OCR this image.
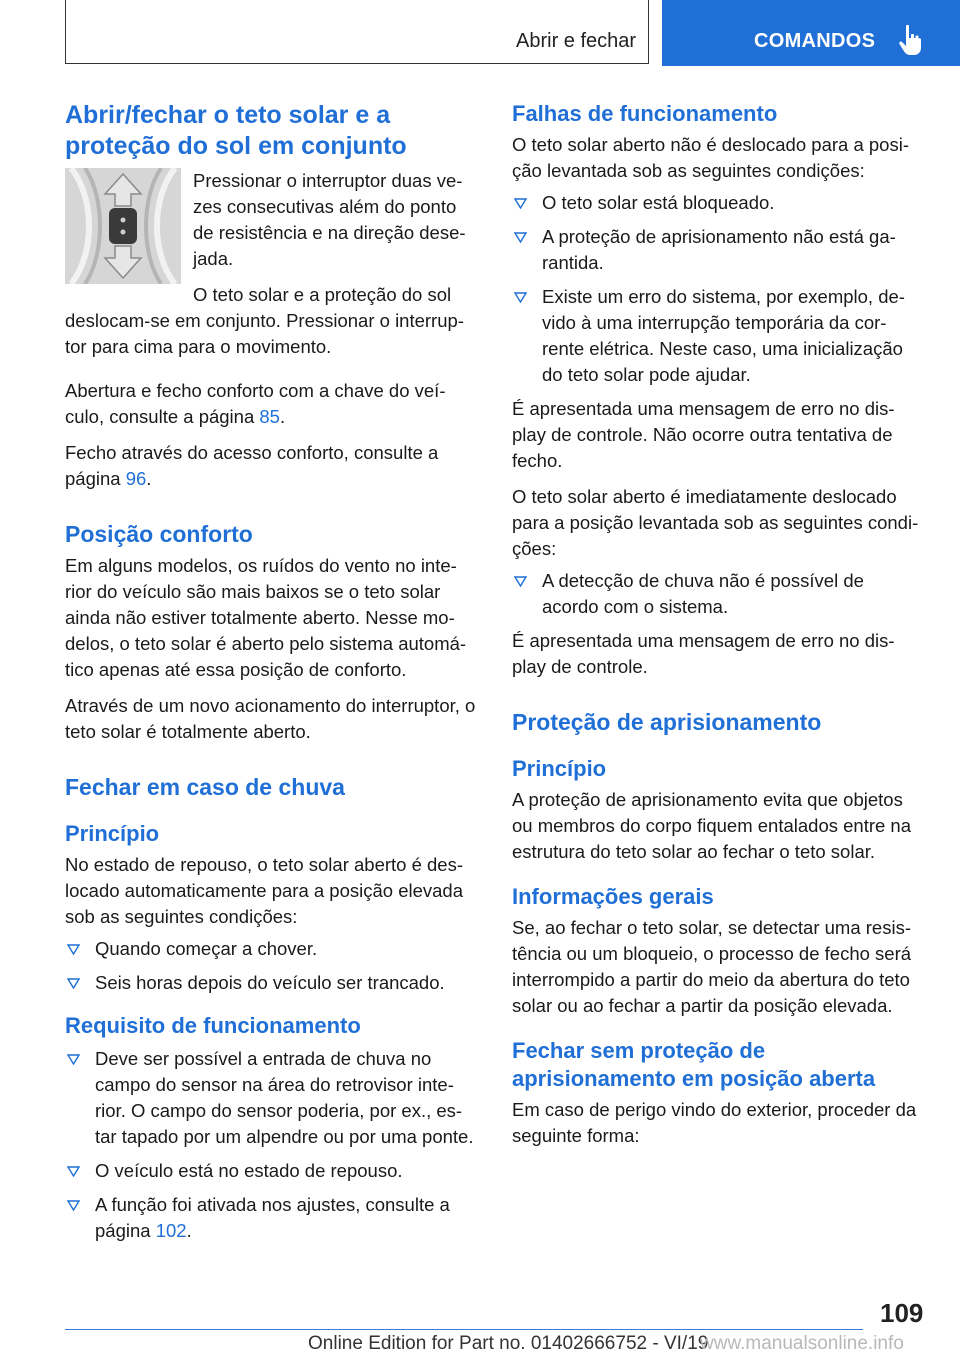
Abrir e fechar	COMANDOS
Abrir/fechar o teto solar e a proteção do sol em conjunto

Pressionar o interruptor duas ve-zes consecutivas além do ponto de resistência e na direção dese-jada.

O teto solar e a proteção do sol deslocam-se em conjunto. Pressionar o interrup-tor para cima para o movimento.

Abertura e fecho conforto com a chave do veí-culo, consulte a página 85.

Fecho através do acesso conforto, consulte a página 96.

Posição conforto

Em alguns modelos, os ruídos do vento no inte-rior do veículo são mais baixos se o teto solar ainda não estiver totalmente aberto. Nesse mo-delos, o teto solar é aberto pelo sistema automá-tico apenas até essa posição de conforto.

Através de um novo acionamento do interruptor, o teto solar é totalmente aberto.

Fechar em caso de chuva
Princípio

No estado de repouso, o teto solar aberto é des-locado automaticamente para a posição elevada sob as seguintes condições:

Quando começar a chover.
Seis horas depois do veículo ser trancado.
Requisito de funcionamento
Deve ser possível a entrada de chuva no campo do sensor na área do retrovisor inte-rior. O campo do sensor poderia, por ex., es-tar tapado por um alpendre ou por uma ponte.
O veículo está no estado de repouso.
A função foi ativada nos ajustes, consulte a página 102.
Falhas de funcionamento

O teto solar aberto não é deslocado para a posi-ção levantada sob as seguintes condições:

O teto solar está bloqueado.
A proteção de aprisionamento não está ga-rantida.
Existe um erro do sistema, por exemplo, de-vido à uma interrupção temporária da cor-rente elétrica. Neste caso, uma inicialização do teto solar pode ajudar.

É apresentada uma mensagem de erro no dis-play de controle. Não ocorre outra tentativa de fecho.

O teto solar aberto é imediatamente deslocado para a posição levantada sob as seguintes condi-ções:

A detecção de chuva não é possível de acordo com o sistema.

É apresentada uma mensagem de erro no dis-play de controle.

Proteção de aprisionamento
Princípio

A proteção de aprisionamento evita que objetos ou membros do corpo fiquem entalados entre na estrutura do teto solar ao fechar o teto solar.

Informações gerais

Se, ao fechar o teto solar, se detectar uma resis-tência ou um bloqueio, o processo de fecho será interrompido a partir do meio da abertura do teto solar ou ao fechar a partir da posição elevada.

Fechar sem proteção de aprisionamento em posição aberta

Em caso de perigo vindo do exterior, proceder da seguinte forma:

109
Online Edition for Part no. 01402666752 - VI/19
www.manualsonline.info
